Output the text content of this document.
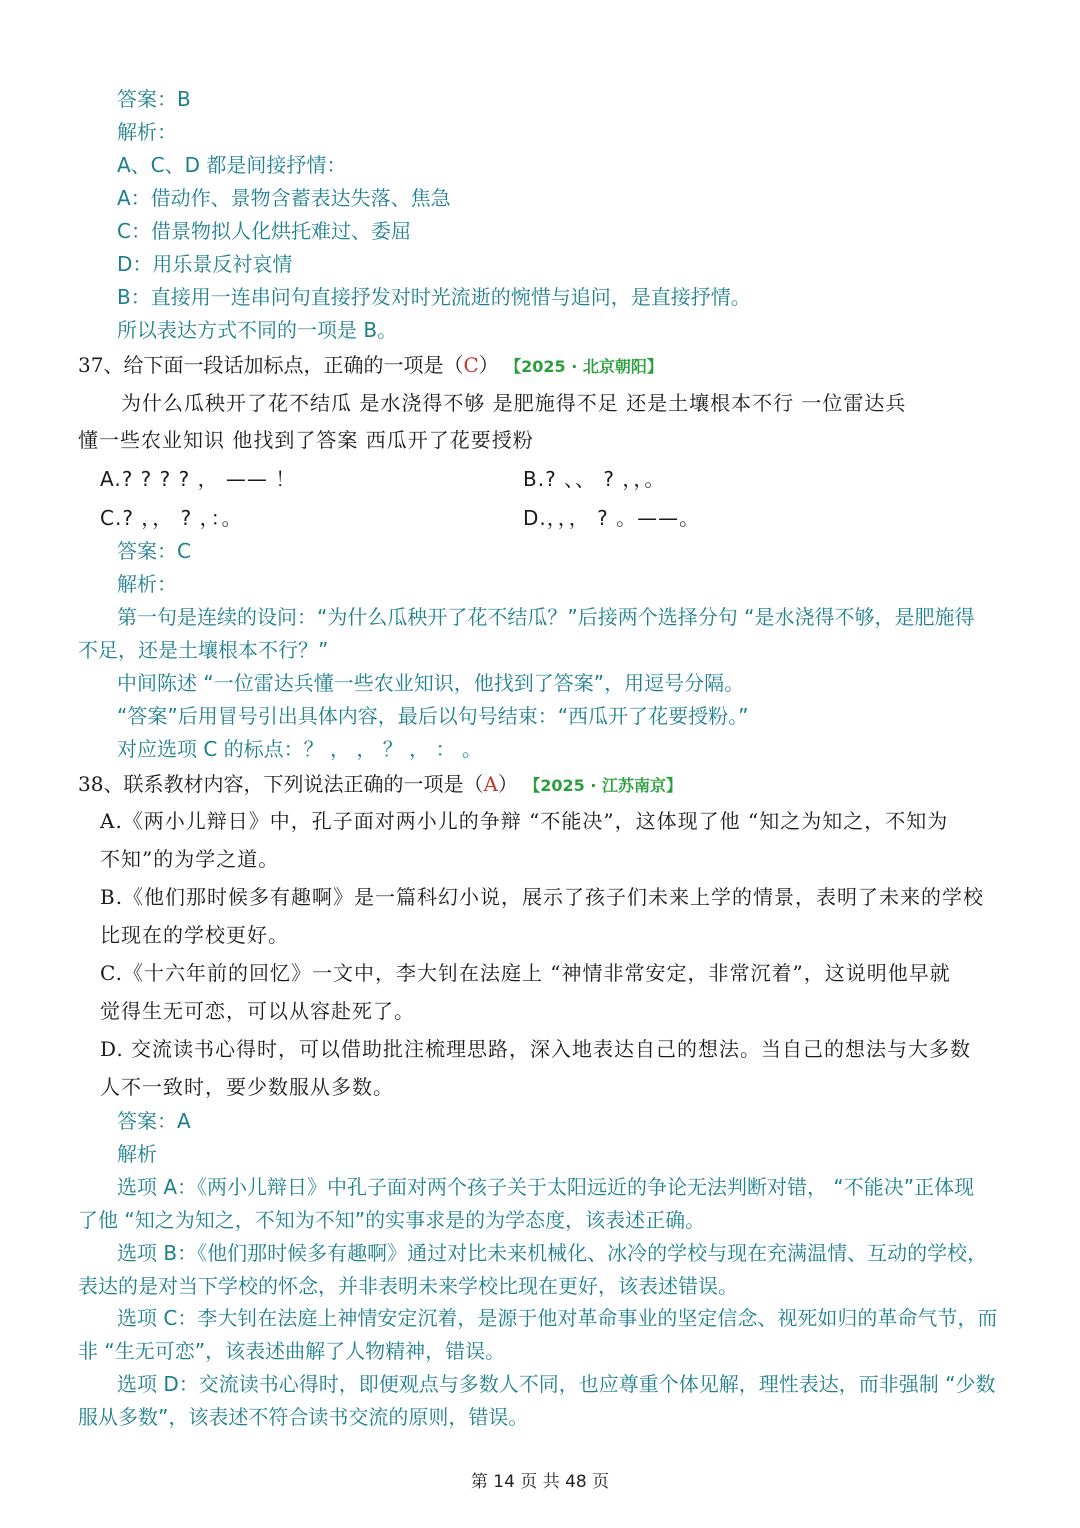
答案：B
解析：
A、C、D 都是间接抒情：
A：借动作、景物含蓄表达失落、焦急
C：借景物拟人化烘托难过、委屈
D：用乐景反衬哀情
B：直接用一连串问句直接抒发对时光流逝的惋惜与追问，是直接抒情。
所以表达方式不同的一项是 B。
37、给下面一段话加标点，正确的一项是（C） 【2025 · 北京朝阳】
为什么瓜秧开了花不结瓜 是水浇得不够 是肥施得不足 还是土壤根本不行 一位雷达兵
懂一些农业知识 他找到了答案 西瓜开了花要授粉
A.? ? ? ? ， —— ！	B.? 、、 ? ，，。
C.? ，， ? ，：。	D.，，， ? 。——。
答案：C
解析：
第一句是连续的设问：“为什么瓜秧开了花不结瓜？”后接两个选择分句 “是水浇得不够，是肥施得
不足，还是土壤根本不行？”
中间陈述 “一位雷达兵懂一些农业知识，他找到了答案”，用逗号分隔。
“答案”后用冒号引出具体内容，最后以句号结束：“西瓜开了花要授粉。”
对应选项 C 的标点：？ ， ， ？ ， ： 。
38、联系教材内容，下列说法正确的一项是（A） 【2025 · 江苏南京】
A.《两小儿辩日》中，孔子面对两小儿的争辩 “不能决”，这体现了他 “知之为知之，不知为
不知”的为学之道。
B.《他们那时候多有趣啊》是一篇科幻小说，展示了孩子们未来上学的情景，表明了未来的学校
比现在的学校更好。
C.《十六年前的回忆》一文中，李大钊在法庭上 “神情非常安定，非常沉着”，这说明他早就
觉得生无可恋，可以从容赴死了。
D. 交流读书心得时，可以借助批注梳理思路，深入地表达自己的想法。当自己的想法与大多数
人不一致时，要少数服从多数。
答案：A
解析
选项 A：《两小儿辩日》中孔子面对两个孩子关于太阳远近的争论无法判断对错， “不能决”正体现
了他 “知之为知之，不知为不知”的实事求是的为学态度，该表述正确。
选项 B：《他们那时候多有趣啊》通过对比未来机械化、冰冷的学校与现在充满温情、互动的学校，
表达的是对当下学校的怀念，并非表明未来学校比现在更好，该表述错误。
选项 C：李大钊在法庭上神情安定沉着，是源于他对革命事业的坚定信念、视死如归的革命气节，而
非 “生无可恋”，该表述曲解了人物精神，错误。
选项 D：交流读书心得时，即便观点与多数人不同，也应尊重个体见解，理性表达，而非强制 “少数
服从多数”，该表述不符合读书交流的原则，错误。
第 14 页 共 48 页
